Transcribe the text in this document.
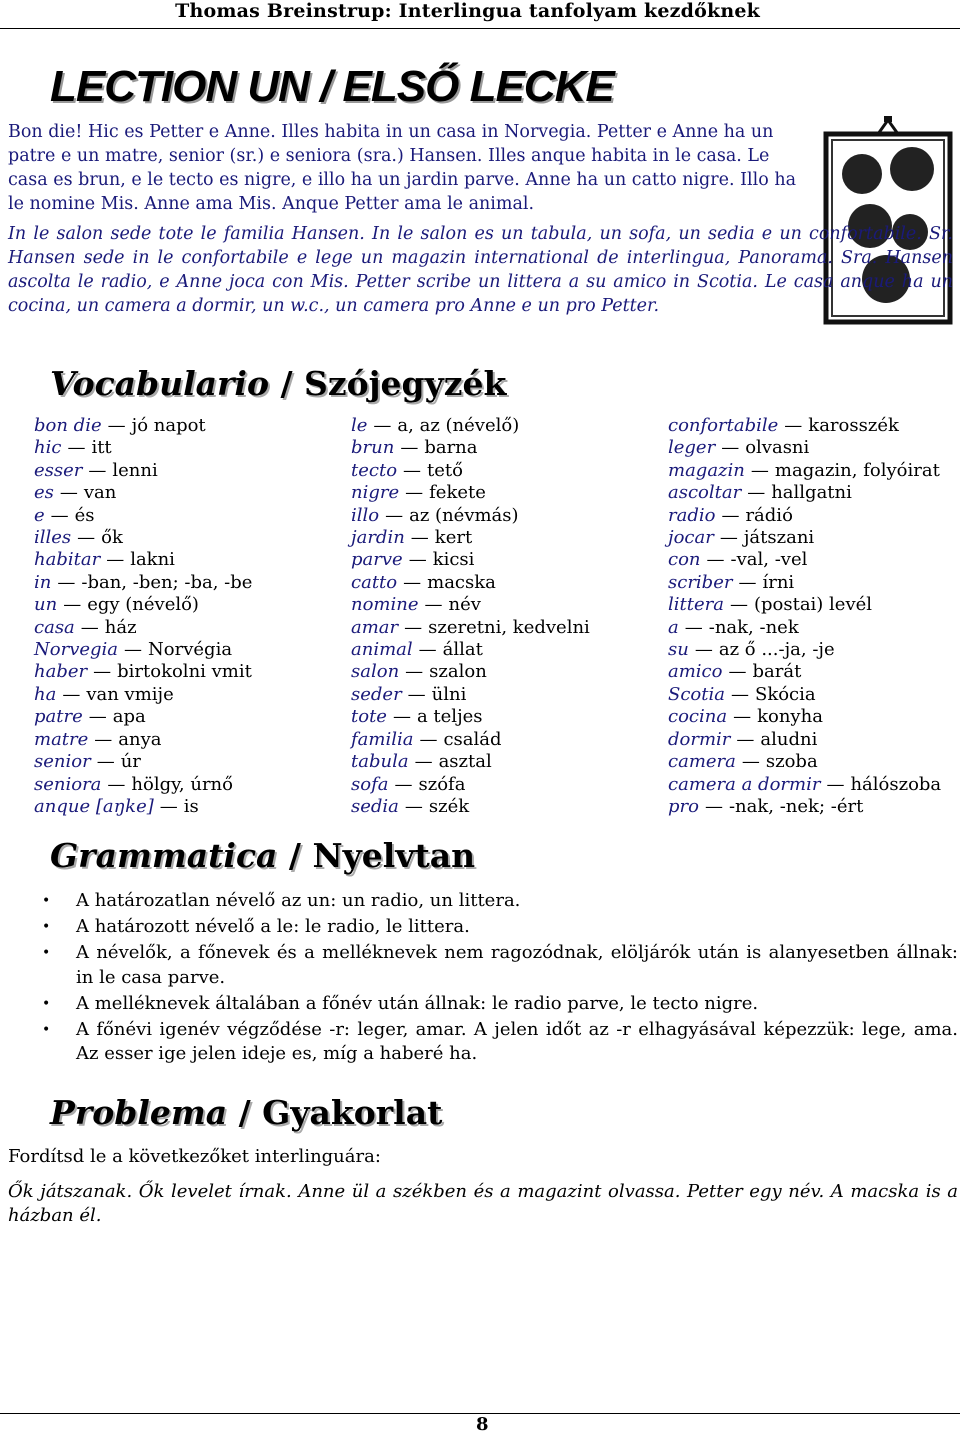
Thomas Breinstrup: Interlingua tanfolyam kezdőknek
LECTION UN / ELSŐ LECKE
Bon die! Hic es Petter e Anne. Illes habita in un casa in Norvegia. Petter e Anne ha un patre e un matre, senior (sr.) e seniora (sra.) Hansen. Illes anque habita in le casa. Le casa es brun, e le tecto es nigre, e illo ha un jardin parve. Anne ha un catto nigre. Illo ha le nomine Mis. Anne ama Mis. Anque Petter ama le animal.
In le salon sede tote le familia Hansen. In le salon es un tabula, un sofa, un sedia e un confortabile. Sr. Hansen sede in le confortabile e lege un magazin international de interlingua, Panorama. Sra. Hansen ascolta le radio, e Anne joca con Mis. Petter scribe un littera a su amico in Scotia. Le casa anque ha un cocina, un camera a dormir, un w.c., un camera pro Anne e un pro Petter.
Vocabulario / Szójegyzék
bon die — jó napot
hic — itt
esser — lenni
es — van
e — és
illes — ők
habitar — lakni
in — -ban, -ben; -ba, -be
un — egy (névelő)
casa — ház
Norvegia — Norvégia
haber — birtokolni vmit
ha — van vmije
patre — apa
matre — anya
senior — úr
seniora — hölgy, úrnő
anque [aŋke] — is
le — a, az (névelő)
brun — barna
tecto — tető
nigre — fekete
illo — az (névmás)
jardin — kert
parve — kicsi
catto — macska
nomine — név
amar — szeretni, kedvelni
animal — állat
salon — szalon
seder — ülni
tote — a teljes
familia — család
tabula — asztal
sofa — szófa
sedia — szék
confortabile — karosszék
leger — olvasni
magazin — magazin, folyóirat
ascoltar — hallgatni
radio — rádió
jocar — játszani
con — -val, -vel
scriber — írni
littera — (postai) levél
a — -nak, -nek
su — az ő ...-ja, -je
amico — barát
Scotia — Skócia
cocina — konyha
dormir — aludni
camera — szoba
camera a dormir — hálószoba
pro — -nak, -nek; -ért
Grammatica / Nyelvtan
• A határozatlan névelő az un: un radio, un littera.
• A határozott névelő a le: le radio, le littera.
• A névelők, a főnevek és a melléknevek nem ragozódnak, elöljárók után is alanyesetben állnak: in le casa parve.
• A melléknevek általában a főnév után állnak: le radio parve, le tecto nigre.
• A főnévi igenév végződése -r: leger, amar. A jelen időt az -r elhagyásával képezzük: lege, ama. Az esser ige jelen ideje es, míg a haberé ha.
Problema / Gyakorlat
Fordítsd le a következőket interlinguára:
Ők játszanak. Ők levelet írnak. Anne ül a székben és a magazint olvassa. Petter egy név. A macska is a házban él.
8
